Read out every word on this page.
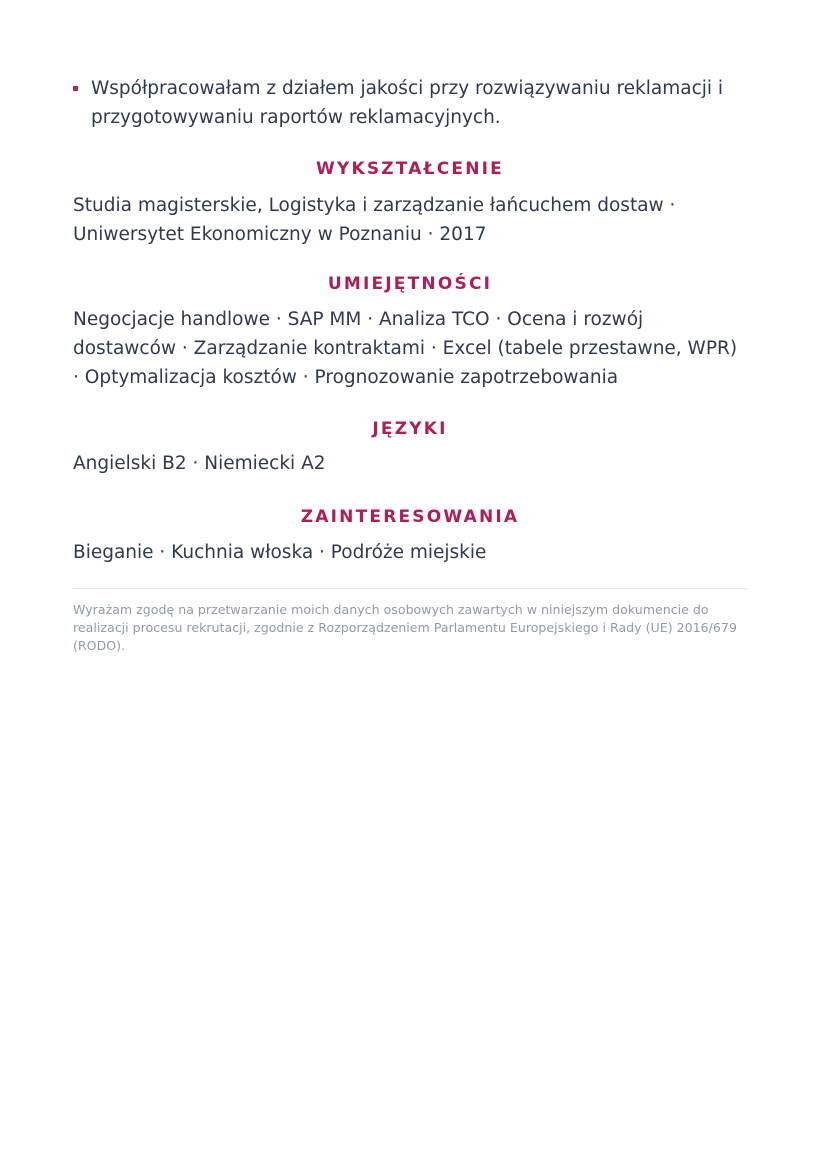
Współpracowałam z działem jakości przy rozwiązywaniu reklamacji i przygotowywaniu raportów reklamacyjnych.
WYKSZTAŁCENIE

Studia magisterskie, Logistyka i zarządzanie łańcuchem dostaw · Uniwersytet Ekonomiczny w Poznaniu · 2017

UMIEJĘTNOŚCI

Negocjacje handlowe · SAP MM · Analiza TCO · Ocena i rozwój dostawców · Zarządzanie kontraktami · Excel (tabele przestawne, WPR) · Optymalizacja kosztów · Prognozowanie zapotrzebowania

JĘZYKI

Angielski B2 · Niemiecki A2

ZAINTERESOWANIA

Bieganie · Kuchnia włoska · Podróże miejskie

Wyrażam zgodę na przetwarzanie moich danych osobowych zawartych w niniejszym dokumencie do realizacji procesu rekrutacji, zgodnie z Rozporządzeniem Parlamentu Europejskiego i Rady (UE) 2016/679 (RODO).
